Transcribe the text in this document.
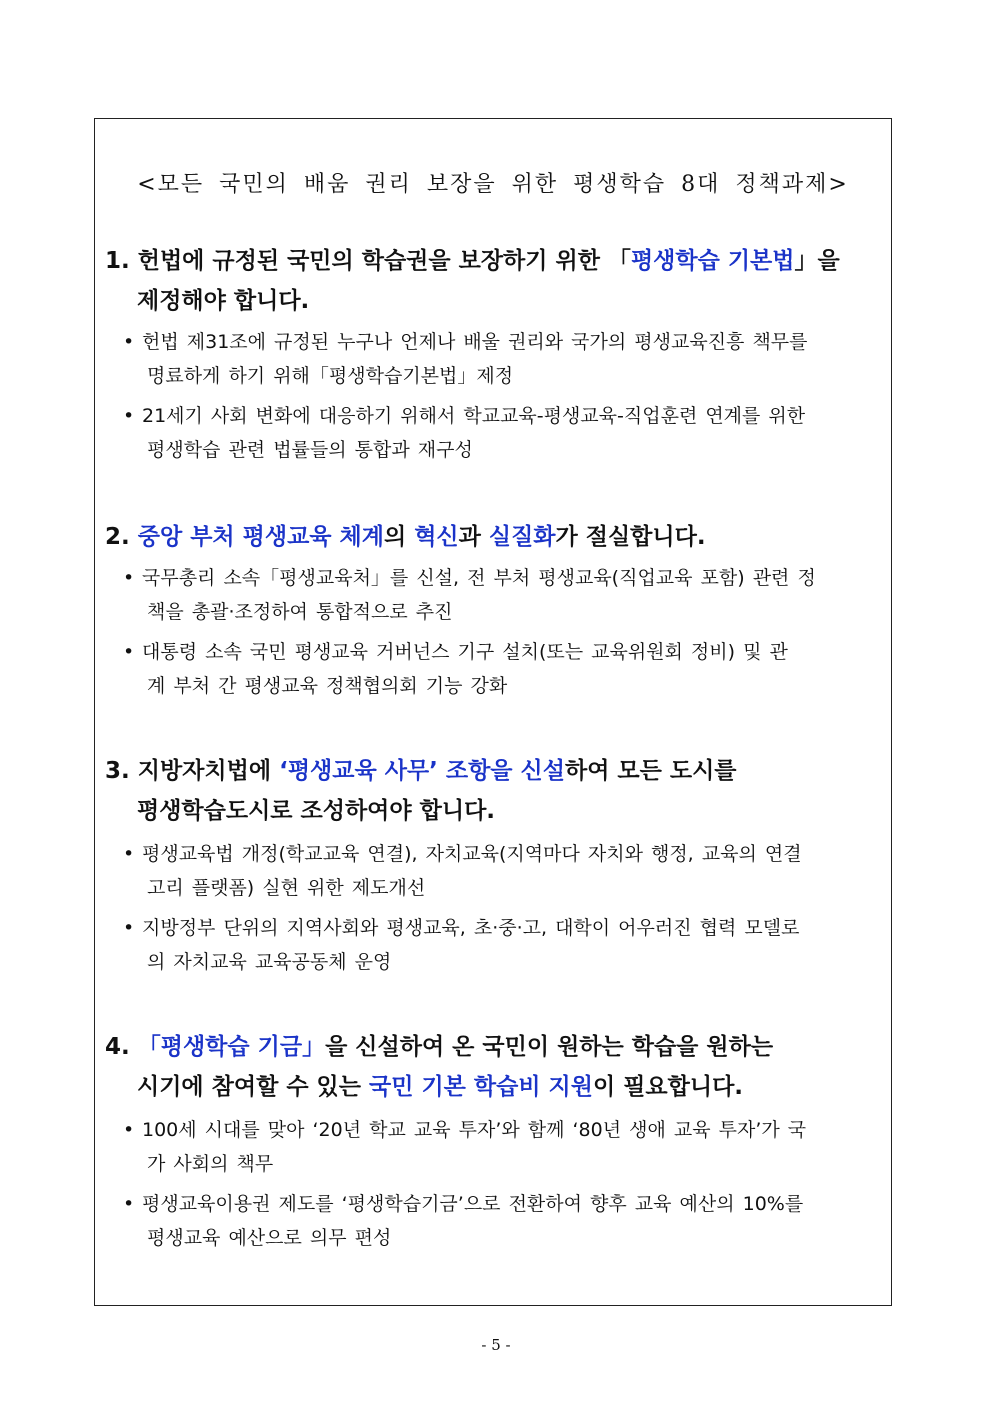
<모든 국민의 배움 권리 보장을 위한 평생학습 8대 정책과제>
1. 헌법에 규정된 국민의 학습권을 보장하기 위한 「평생학습 기본법」을
제정해야 합니다.
• 헌법 제31조에 규정된 누구나 언제나 배울 권리와 국가의 평생교육진흥 책무를
명료하게 하기 위해「평생학습기본법」제정
• 21세기 사회 변화에 대응하기 위해서 학교교육-평생교육-직업훈련 연계를 위한
평생학습 관련 법률들의 통합과 재구성
2. 중앙 부처 평생교육 체계의 혁신과 실질화가 절실합니다.
• 국무총리 소속「평생교육처」를 신설, 전 부처 평생교육(직업교육 포함) 관련 정
책을 총괄·조정하여 통합적으로 추진
• 대통령 소속 국민 평생교육 거버넌스 기구 설치(또는 교육위원회 정비) 및 관
계 부처 간 평생교육 정책협의회 기능 강화
3. 지방자치법에 ‘평생교육 사무’ 조항을 신설하여 모든 도시를
평생학습도시로 조성하여야 합니다.
• 평생교육법 개정(학교교육 연결), 자치교육(지역마다 자치와 행정, 교육의 연결
고리 플랫폼) 실현 위한 제도개선
• 지방정부 단위의 지역사회와 평생교육, 초·중·고, 대학이 어우러진 협력 모델로
의 자치교육 교육공동체 운영
4. 「평생학습 기금」을 신설하여 온 국민이 원하는 학습을 원하는
시기에 참여할 수 있는 국민 기본 학습비 지원이 필요합니다.
• 100세 시대를 맞아 ‘20년 학교 교육 투자’와 함께 ‘80년 생애 교육 투자’가 국
가 사회의 책무
• 평생교육이용권 제도를 ‘평생학습기금’으로 전환하여 향후 교육 예산의 10%를
평생교육 예산으로 의무 편성
- 5 -
